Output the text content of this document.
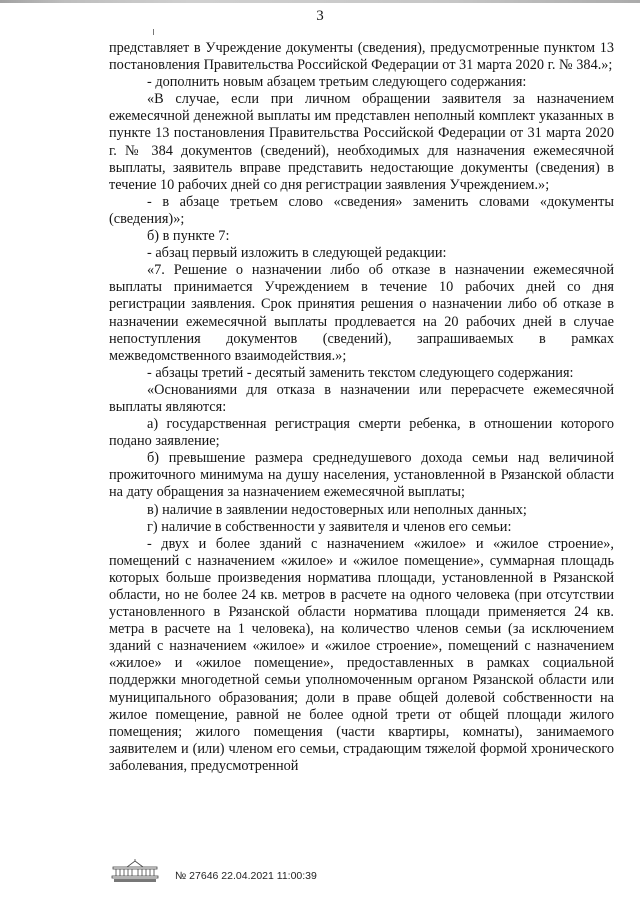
3

представляет в Учреждение документы (сведения), предусмотренные пунктом 13 постановления Правительства Российской Федерации от 31 марта 2020 г. № 384.»;

- дополнить новым абзацем третьим следующего содержания:

«В случае, если при личном обращении заявителя за назначением ежемесячной денежной выплаты им представлен неполный комплект указанных в пункте 13 постановления Правительства Российской Федерации от 31 марта 2020 г. № 384 документов (сведений), необходимых для назначения ежемесячной выплаты, заявитель вправе представить недостающие документы (сведения) в течение 10 рабочих дней со дня регистрации заявления Учреждением.»;

- в абзаце третьем слово «сведения» заменить словами «документы (сведения)»;

б) в пункте 7:

- абзац первый изложить в следующей редакции:

«7. Решение о назначении либо об отказе в назначении ежемесячной выплаты принимается Учреждением в течение 10 рабочих дней со дня регистрации заявления. Срок принятия решения о назначении либо об отказе в назначении ежемесячной выплаты продлевается на 20 рабочих дней в случае непоступления документов (сведений), запрашиваемых в рамках межведомственного взаимодействия.»;

- абзацы третий - десятый заменить текстом следующего содержания:

«Основаниями для отказа в назначении или перерасчете ежемесячной выплаты являются:

а) государственная регистрация смерти ребенка, в отношении которого подано заявление;

б) превышение размера среднедушевого дохода семьи над величиной прожиточного минимума на душу населения, установленной в Рязанской области на дату обращения за назначением ежемесячной выплаты;

в) наличие в заявлении недостоверных или неполных данных;

г) наличие в собственности у заявителя и членов его семьи:

- двух и более зданий с назначением «жилое» и «жилое строение», помещений с назначением «жилое» и «жилое помещение», суммарная площадь которых больше произведения норматива площади, установленной в Рязанской области, но не более 24 кв. метров в расчете на одного человека (при отсутствии установленного в Рязанской области норматива площади применяется 24 кв. метра в расчете на 1 человека), на количество членов семьи (за исключением зданий с назначением «жилое» и «жилое строение», помещений с назначением «жилое» и «жилое помещение», предоставленных в рамках социальной поддержки многодетной семьи уполномоченным органом Рязанской области или муниципального образования; доли в праве общей долевой собственности на жилое помещение, равной не более одной трети от общей площади жилого помещения; жилого помещения (части квартиры, комнаты), занимаемого заявителем и (или) членом его семьи, страдающим тяжелой формой хронического заболевания, предусмотренной

№ 27646 22.04.2021 11:00:39
